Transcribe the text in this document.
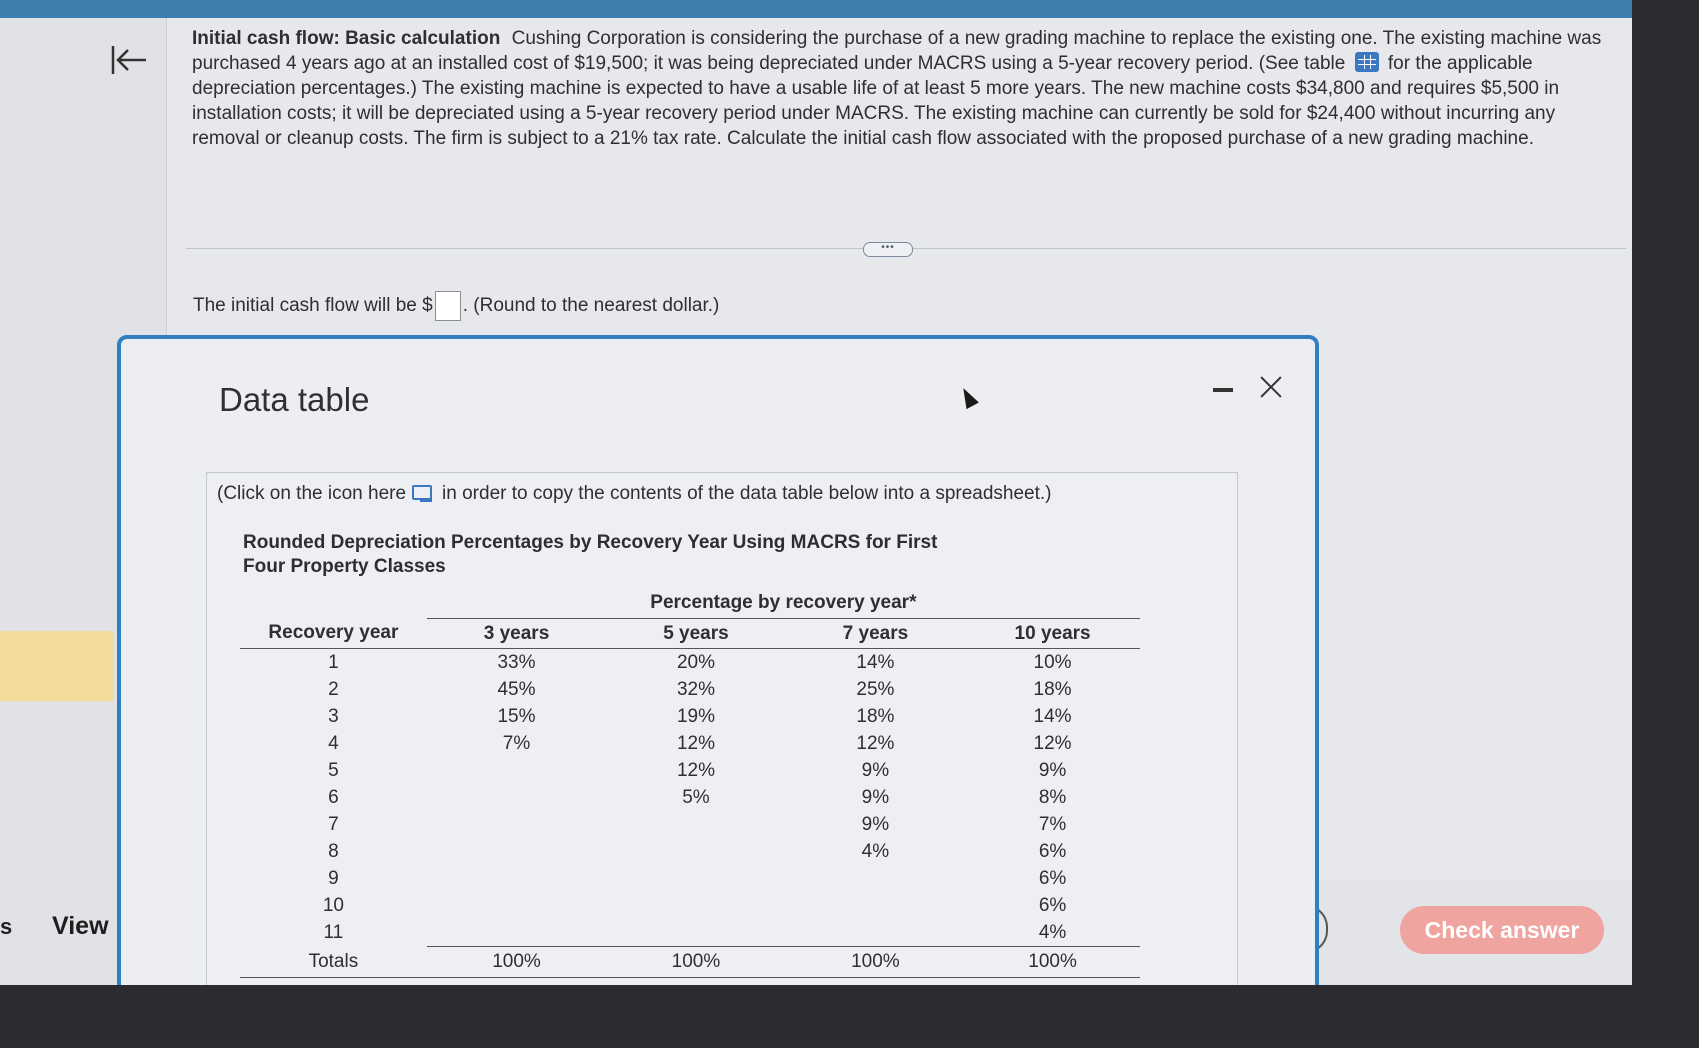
s View

Initial cash flow: Basic calculation Cushing Corporation is considering the purchase of a new grading machine to replace the existing one. The existing machine was purchased 4 years ago at an installed cost of $19,500; it was being depreciated under MACRS using a 5-year recovery period. (See table for the applicable depreciation percentages.) The existing machine is expected to have a usable life of at least 5 more years. The new machine costs $34,800 and requires $5,500 in installation costs; it will be depreciated using a 5-year recovery period under MACRS. The existing machine can currently be sold for $24,400 without incurring any removal or cleanup costs. The firm is subject to a 21% tax rate. Calculate the initial cash flow associated with the proposed purchase of a new grading machine.

•••
The initial cash flow will be $ . (Round to the nearest dollar.)
Check answer
Data table
(Click on the icon here in order to copy the contents of the data table below into a spreadsheet.)
Rounded Depreciation Percentages by Recovery Year Using MACRS for First Four Property Classes
	Percentage by recovery year*			
Recovery year	3 years	5 years	7 years	10 years
1	33%	20%	14%	10%
2	45%	32%	25%	18%
3	15%	19%	18%	14%
4	7%	12%	12%	12%
5		12%	9%	9%
6		5%	9%	8%
7			9%	7%
8			4%	6%
9				6%
10				6%
11				4%
Totals	100%	100%	100%	100%
